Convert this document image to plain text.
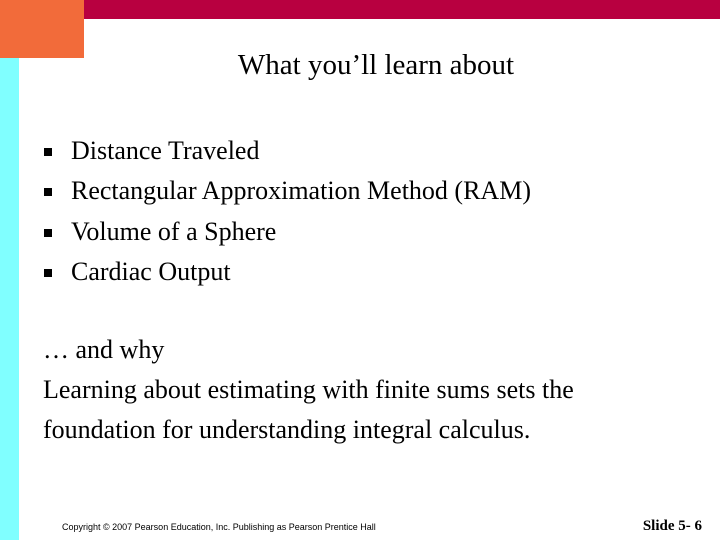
What you’ll learn about
Distance Traveled
Rectangular Approximation Method (RAM)
Volume of a Sphere
Cardiac Output
… and why
Learning about estimating with finite sums sets the
foundation for understanding integral calculus.
Copyright © 2007 Pearson Education, Inc. Publishing as Pearson Prentice Hall	Slide 5- 6
